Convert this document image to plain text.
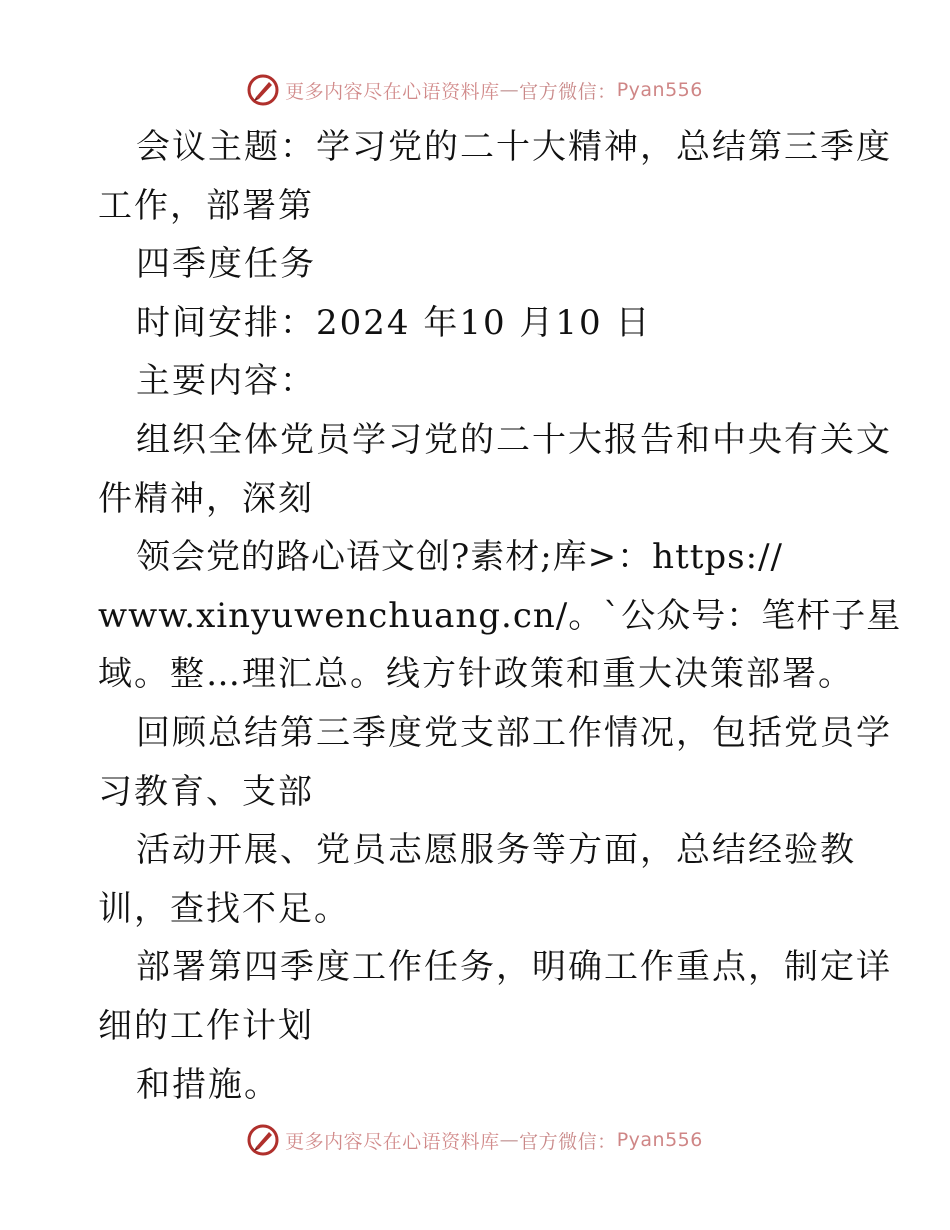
更多内容尽在心语资料库 — 官方微信： Pyan556
会议主题：学习党的二十大精神，总结第三季度
工作，部署第
四季度任务
时间安排：2024 年10 月10 日
主要内容：
组织全体党员学习党的二十大报告和中央有关文
件精神，深刻
领会党的路心语文创?素材;库>：https://
www.xinyuwenchuang.cn/。`公众号：笔杆子星
域。整…理汇总。线方针政策和重大决策部署。
回顾总结第三季度党支部工作情况，包括党员学
习教育、支部
活动开展、党员志愿服务等方面，总结经验教
训，查找不足。
部署第四季度工作任务，明确工作重点，制定详
细的工作计划
和措施。
更多内容尽在心语资料库 — 官方微信： Pyan556
